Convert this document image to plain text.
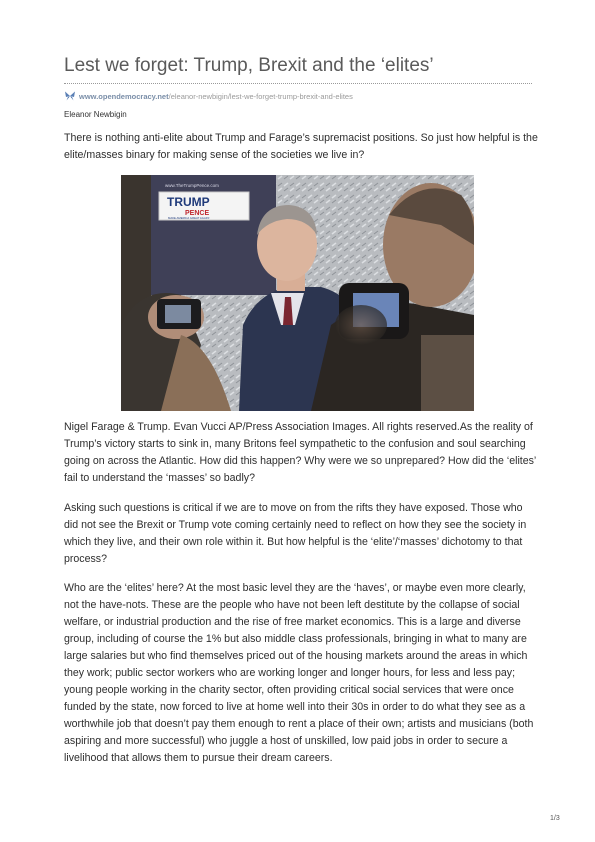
Lest we forget: Trump, Brexit and the ‘elites’
www.opendemocracy.net /eleanor-newbigin/lest-we-forget-trump-brexit-and-elites
Eleanor Newbigin

There is nothing anti-elite about Trump and Farage’s supremacist positions. So just how helpful is the elite/masses binary for making sense of the societies we live in?

www.TheTrumpPence.com
TRUMP
PENCE
MAKE AMERICA GREAT AGAIN!

Nigel Farage & Trump. Evan Vucci AP/Press Association Images. All rights reserved.As the reality of Trump’s victory starts to sink in, many Britons feel sympathetic to the confusion and soul searching going on across the Atlantic. How did this happen? Why were we so unprepared? How did the ‘elites’ fail to understand the ‘masses’ so badly?

Asking such questions is critical if we are to move on from the rifts they have exposed. Those who did not see the Brexit or Trump vote coming certainly need to reflect on how they see the society in which they live, and their own role within it. But how helpful is the ‘elite’/‘masses’ dichotomy to that process?

Who are the ‘elites’ here? At the most basic level they are the ‘haves’, or maybe even more clearly, not the have-nots. These are the people who have not been left destitute by the collapse of social welfare, or industrial production and the rise of free market economics. This is a large and diverse group, including of course the 1% but also middle class professionals, bringing in what to many are large salaries but who find themselves priced out of the housing markets around the areas in which they work; public sector workers who are working longer and longer hours, for less and less pay; young people working in the charity sector, often providing critical social services that were once funded by the state, now forced to live at home well into their 30s in order to do what they see as a worthwhile job that doesn’t pay them enough to rent a place of their own; artists and musicians (both aspiring and more successful) who juggle a host of unskilled, low paid jobs in order to secure a livelihood that allows them to pursue their dream careers.

1/3
